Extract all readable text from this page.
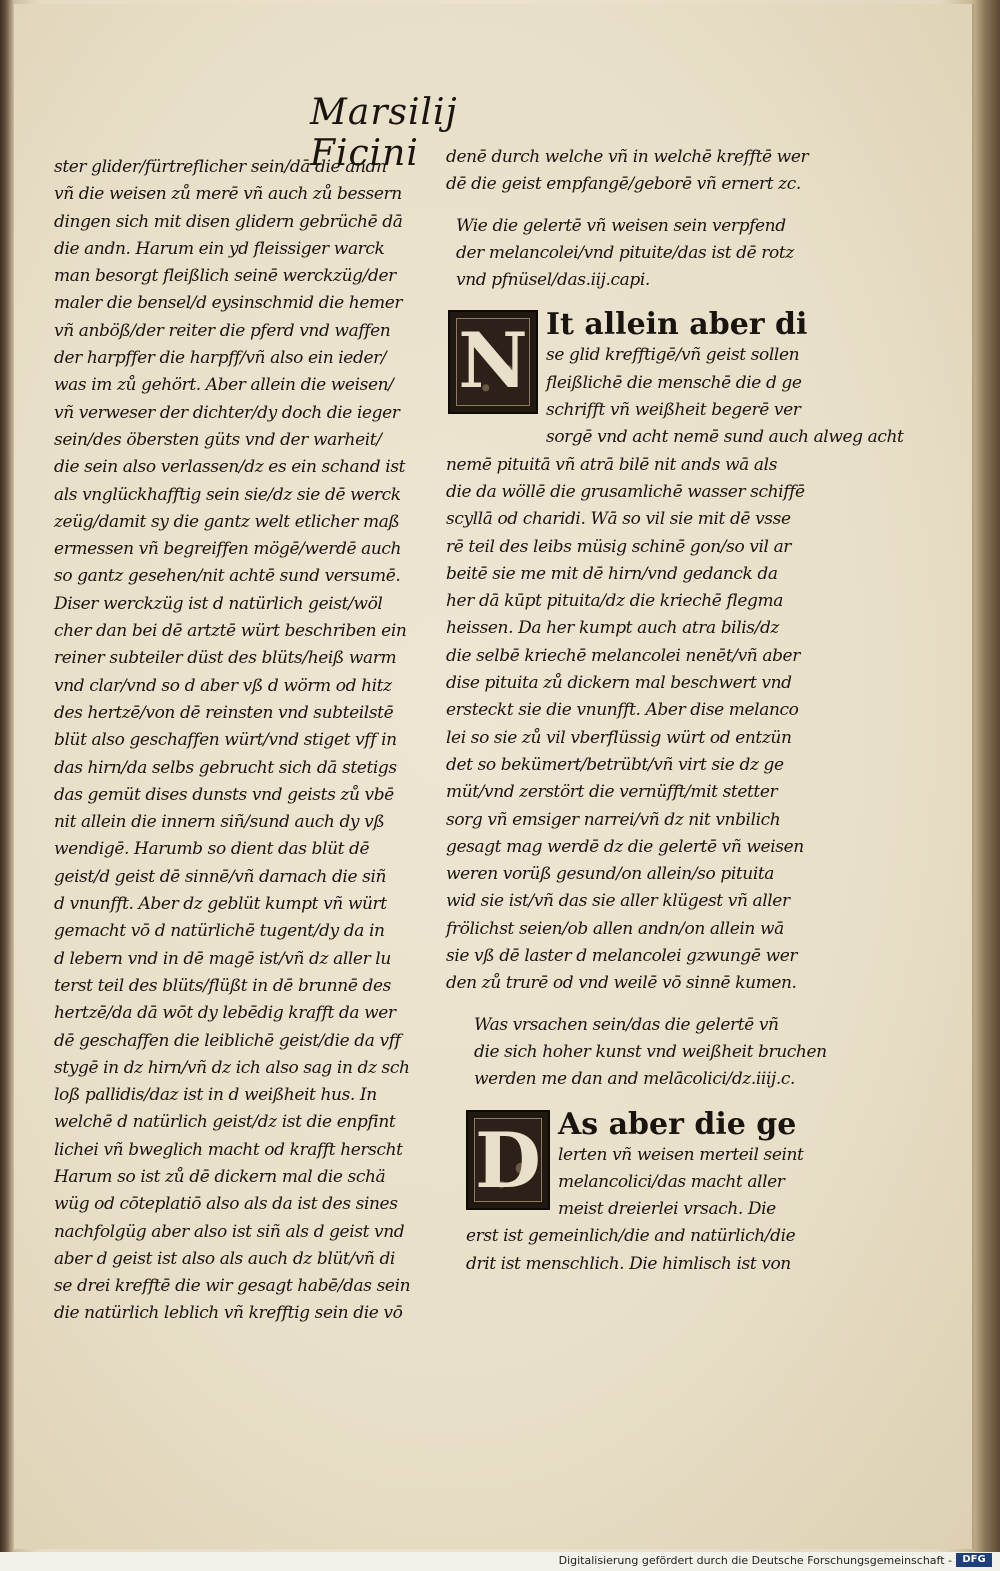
Marsilij Ficini
ster glider/fürtreflicher sein/dā die andn
vñ die weisen zů merē vñ auch zů bessern
dingen sich mit disen glidern gebrüchē dā
die andn. Harum ein yd fleissiger warck
man besorgt fleißlich seinē werckzüg/der
maler die bensel/d eysinschmid die hemer
vñ anböß/der reiter die pferd vnd waffen
der harpffer die harpff/vñ also ein ieder/
was im zů gehört. Aber allein die weisen/
vñ verweser der dichter/dy doch die ieger
sein/des öbersten güts vnd der warheit/
die sein also verlassen/dz es ein schand ist
als vnglückhafftig sein sie/dz sie dē werck
zeüg/damit sy die gantz welt etlicher maß
ermessen vñ begreiffen mögē/werdē auch
so gantz gesehen/nit achtē sund versumē.
Diser werckzüg ist d natürlich geist/wöl
cher dan bei dē artztē würt beschriben ein
reiner subteiler düst des blüts/heiß warm
vnd clar/vnd so d aber vß d wörm od hitz
des hertzē/von dē reinsten vnd subteilstē
blüt also geschaffen würt/vnd stiget vff in
das hirn/da selbs gebrucht sich dā stetigs
das gemüt dises dunsts vnd geists zů vbē
nit allein die innern siñ/sund auch dy vß
wendigē. Harumb so dient das blüt dē
geist/d geist dē sinnē/vñ darnach die siñ
d vnunfft. Aber dz geblüt kumpt vñ würt
gemacht vō d natürlichē tugent/dy da in
d lebern vnd in dē magē ist/vñ dz aller lu
terst teil des blüts/flüßt in dē brunnē des
hertzē/da dā wōt dy lebēdig krafft da wer
dē geschaffen die leiblichē geist/die da vff
stygē in dz hirn/vñ dz ich also sag in dz sch
loß pallidis/daz ist in d weißheit hus. In
welchē d natürlich geist/dz ist die enpfint
lichei vñ bweglich macht od krafft herscht
Harum so ist zů dē dickern mal die schä
wüg od cōteplatiō also als da ist des sines
nachfolgüg aber also ist siñ als d geist vnd
aber d geist ist also als auch dz blüt/vñ di
se drei krefftē die wir gesagt habē/das sein
die natürlich leblich vñ krefftig sein die vō
denē durch welche vñ in welchē krefftē wer
dē die geist empfangē/geborē vñ ernert zc.
Wie die gelertē vñ weisen sein verpfend
der melancolei/vnd pituite/das ist dē rotz
vnd pfnüsel/das.iij.capi.
N It allein aber di
se glid krefftigē/vñ geist sollen
fleißlichē die menschē die d ge
schrifft vñ weißheit begerē ver
sorgē vnd acht nemē sund auch alweg acht
nemē pituitā vñ atrā bilē nit ands wā als
die da wöllē die grusamlichē wasser schiffē
scyllā od charidi. Wā so vil sie mit dē vsse
rē teil des leibs müsig schinē gon/so vil ar
beitē sie me mit dē hirn/vnd gedanck da
her dā kūpt pituita/dz die kriechē flegma
heissen. Da her kumpt auch atra bilis/dz
die selbē kriechē melancolei nenēt/vñ aber
dise pituita zů dickern mal beschwert vnd
ersteckt sie die vnunfft. Aber dise melanco
lei so sie zů vil vberflüssig würt od entzün
det so bekümert/betrübt/vñ virt sie dz ge
müt/vnd zerstört die vernüfft/mit stetter
sorg vñ emsiger narrei/vñ dz nit vnbilich
gesagt mag werdē dz die gelertē vñ weisen
weren vorüß gesund/on allein/so pituita
wid sie ist/vñ das sie aller klügest vñ aller
frölichst seien/ob allen andn/on allein wā
sie vß dē laster d melancolei gzwungē wer
den zů trurē od vnd weilē vō sinnē kumen.
Was vrsachen sein/das die gelertē vñ
die sich hoher kunst vnd weißheit bruchen
werden me dan and melācolici/dz.iiij.c.
D As aber die ge
lerten vñ weisen merteil seint
melancolici/das macht aller
meist dreierlei vrsach. Die
erst ist gemeinlich/die and natürlich/die
drit ist menschlich. Die himlisch ist von
Digitalisierung gefördert durch die Deutsche Forschungsgemeinschaft -	DFG
